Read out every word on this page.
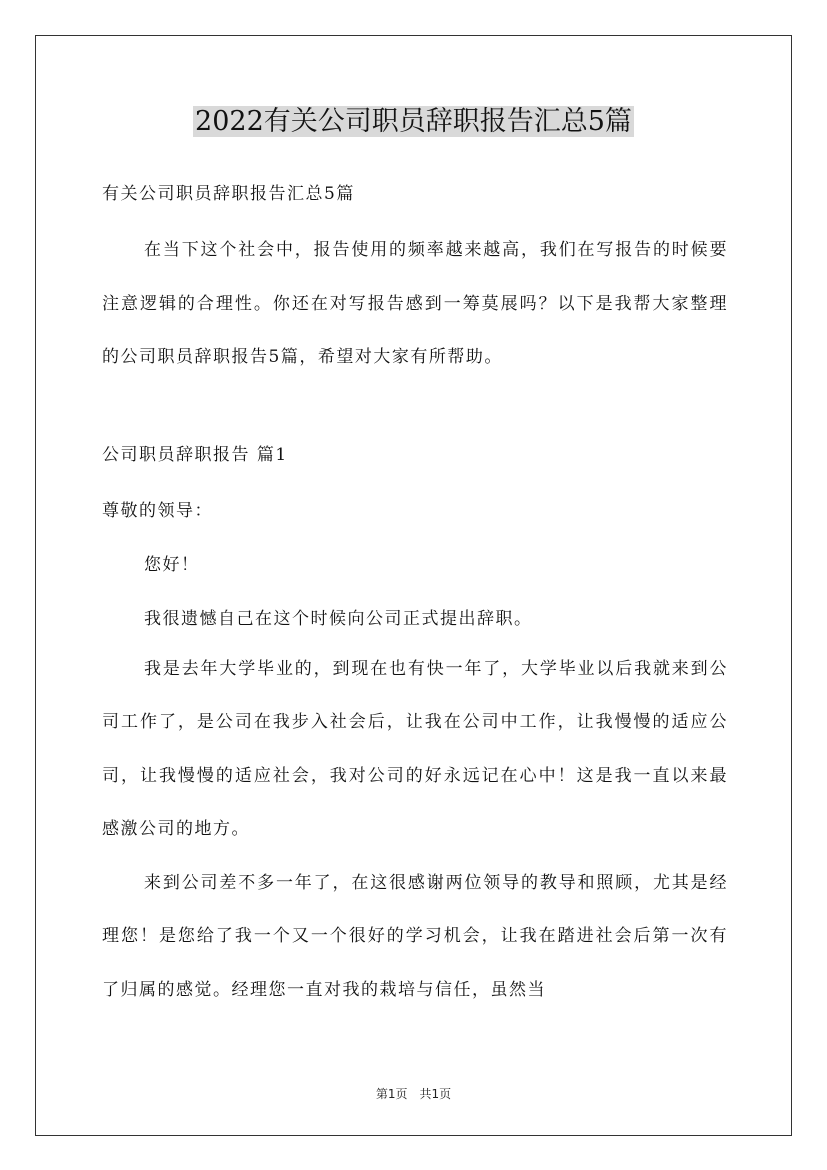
2022有关公司职员辞职报告汇总5篇
有关公司职员辞职报告汇总5篇

在当下这个社会中，报告使用的频率越来越高，我们在写报告的时候要注意逻辑的合理性。你还在对写报告感到一筹莫展吗？以下是我帮大家整理的公司职员辞职报告5篇，希望对大家有所帮助。

公司职员辞职报告 篇1
尊敬的领导：
您好！
我很遗憾自己在这个时候向公司正式提出辞职。

我是去年大学毕业的，到现在也有快一年了，大学毕业以后我就来到公司工作了，是公司在我步入社会后，让我在公司中工作，让我慢慢的适应公司，让我慢慢的适应社会，我对公司的好永远记在心中！这是我一直以来最感激公司的地方。

来到公司差不多一年了，在这很感谢两位领导的教导和照顾，尤其是经理您！是您给了我一个又一个很好的学习机会，让我在踏进社会后第一次有了归属的感觉。经理您一直对我的栽培与信任，虽然当

第1页　共1页
